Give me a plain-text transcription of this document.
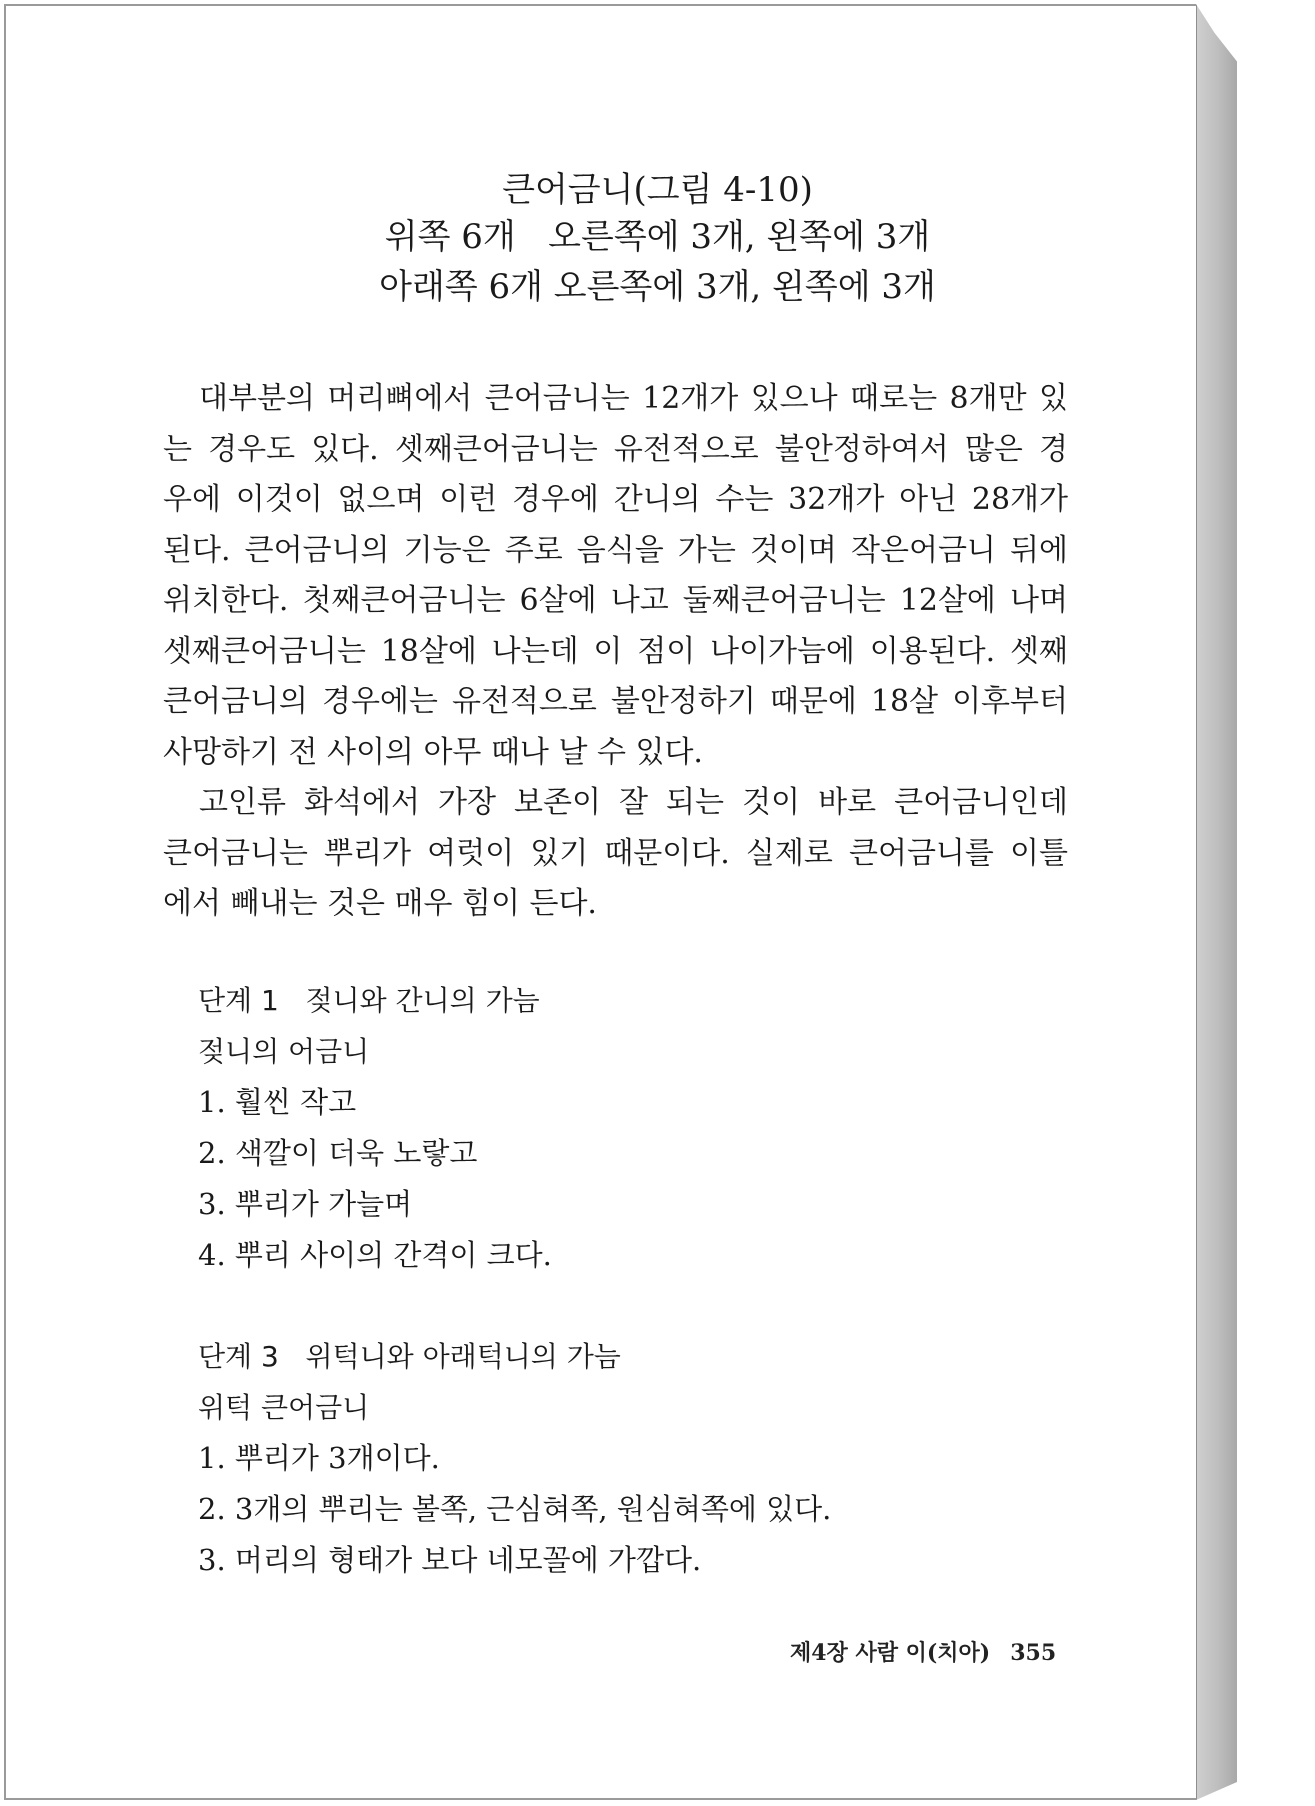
큰어금니(그림 4-10)
위쪽 6개   오른쪽에 3개, 왼쪽에 3개
아래쪽 6개 오른쪽에 3개, 왼쪽에 3개
대부분의 머리뼈에서 큰어금니는 12개가 있으나 때로는 8개만 있
는 경우도 있다. 셋째큰어금니는 유전적으로 불안정하여서 많은 경
우에 이것이 없으며 이런 경우에 간니의 수는 32개가 아닌 28개가
된다. 큰어금니의 기능은 주로 음식을 가는 것이며 작은어금니 뒤에
위치한다. 첫째큰어금니는 6살에 나고 둘째큰어금니는 12살에 나며
셋째큰어금니는 18살에 나는데 이 점이 나이가늠에 이용된다. 셋째
큰어금니의 경우에는 유전적으로 불안정하기 때문에 18살 이후부터
사망하기 전 사이의 아무 때나 날 수 있다.
고인류 화석에서 가장 보존이 잘 되는 것이 바로 큰어금니인데
큰어금니는 뿌리가 여럿이 있기 때문이다. 실제로 큰어금니를 이틀
에서 빼내는 것은 매우 힘이 든다.
단계 1   젖니와 간니의 가늠
젖니의 어금니
1. 훨씬 작고
2. 색깔이 더욱 노랗고
3. 뿌리가 가늘며
4. 뿌리 사이의 간격이 크다.
단계 3   위턱니와 아래턱니의 가늠
위턱 큰어금니
1. 뿌리가 3개이다.
2. 3개의 뿌리는 볼쪽, 근심혀쪽, 원심혀쪽에 있다.
3. 머리의 형태가 보다 네모꼴에 가깝다.
제4장 사람 이(치아) 355
